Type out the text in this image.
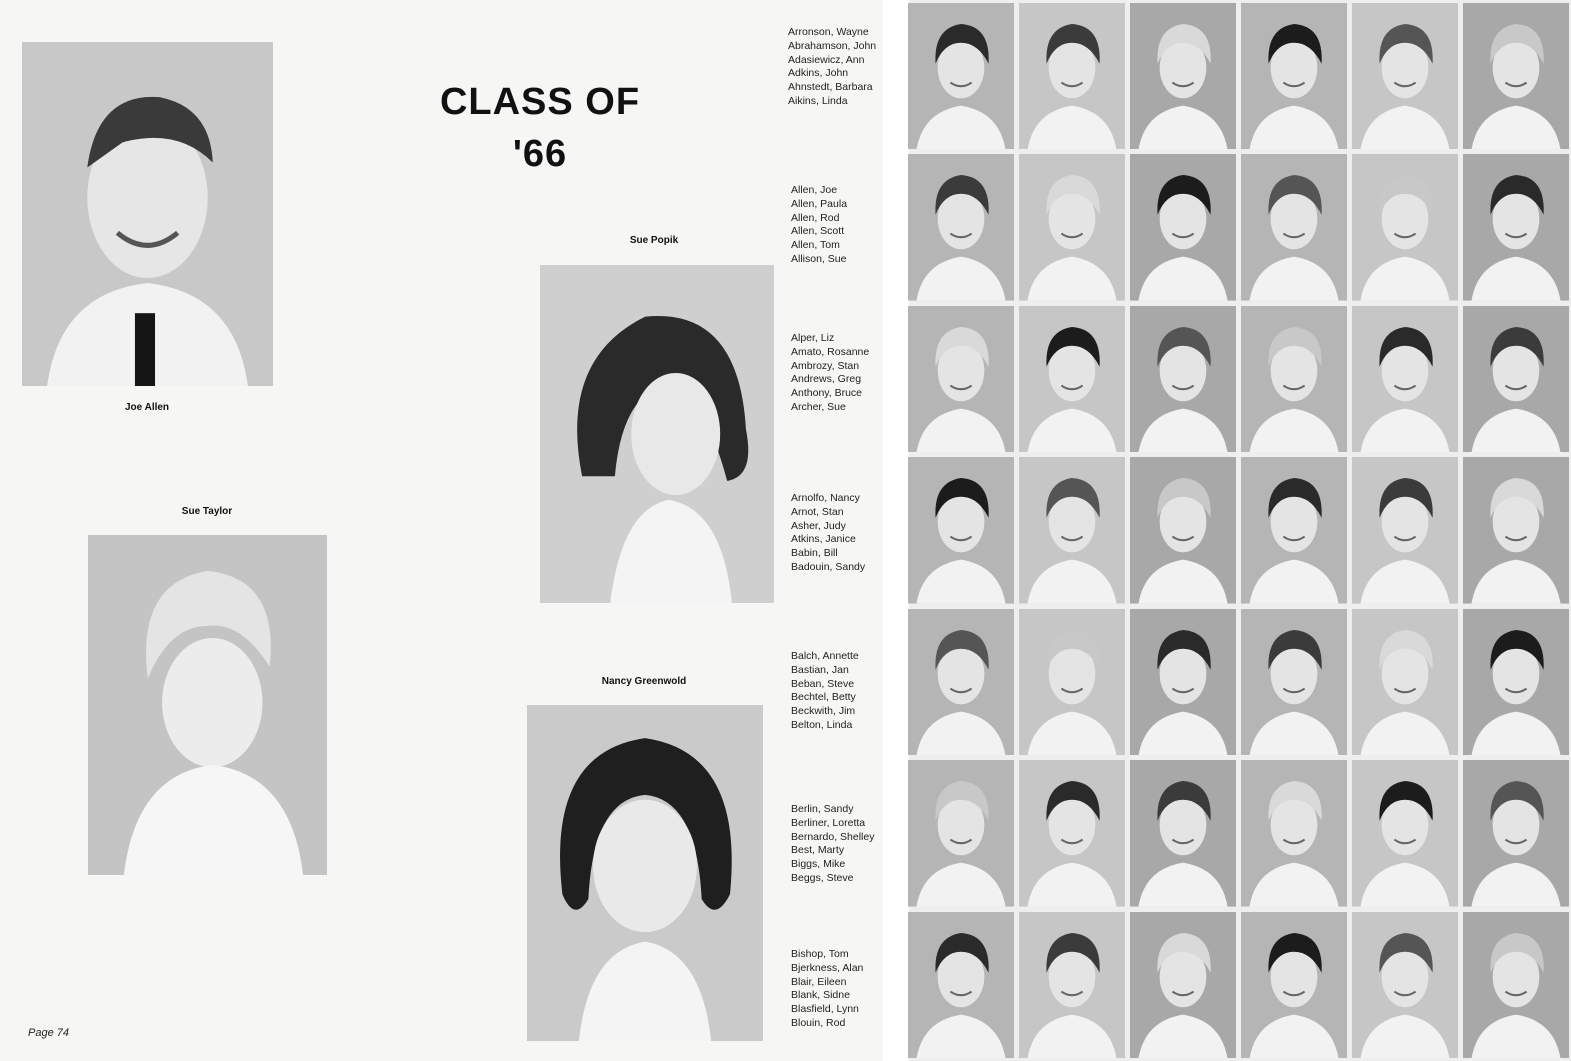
CLASS OF
'66
Joe Allen
Sue Popik
Sue Taylor
Nancy Greenwold
Arronson, Wayne
Abrahamson, John
Adasiewicz, Ann
Adkins, John
Ahnstedt, Barbara
Aikins, Linda
Allen, Joe
Allen, Paula
Allen, Rod
Allen, Scott
Allen, Tom
Allison, Sue
Alper, Liz
Amato, Rosanne
Ambrozy, Stan
Andrews, Greg
Anthony, Bruce
Archer, Sue
Arnolfo, Nancy
Arnot, Stan
Asher, Judy
Atkins, Janice
Babin, Bill
Badouin, Sandy
Balch, Annette
Bastian, Jan
Beban, Steve
Bechtel, Betty
Beckwith, Jim
Belton, Linda
Berlin, Sandy
Berliner, Loretta
Bernardo, Shelley
Best, Marty
Biggs, Mike
Beggs, Steve
Bishop, Tom
Bjerkness, Alan
Blair, Eileen
Blank, Sidne
Blasfield, Lynn
Blouin, Rod
Page 74
